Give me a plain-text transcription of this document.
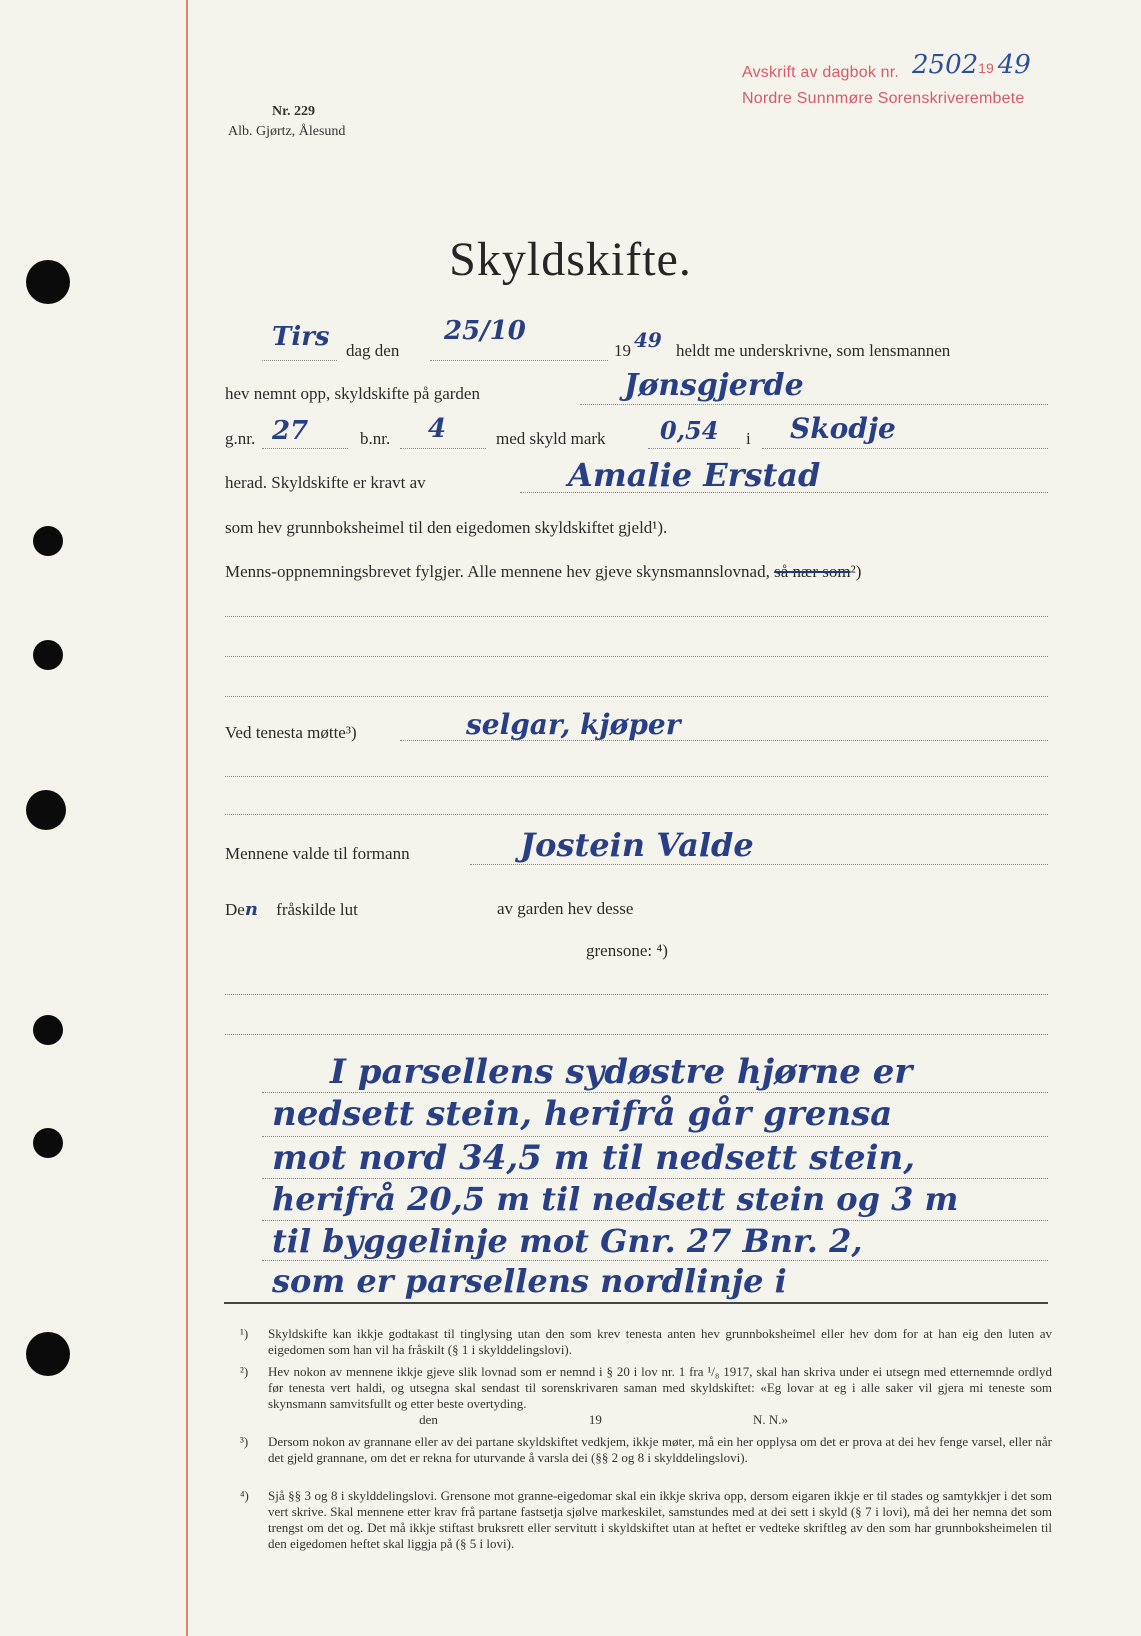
Avskrift av dagbok nr. 250219 49
Nordre Sunnmøre Sorenskriverembete
Nr. 229
Alb. Gjørtz, Ålesund
Skyldskifte.
Tirs dag den
25/10
19 49 heldt me underskrivne, som lensmannen
hev nemnt opp, skyldskifte på garden	Jønsgjerde
g.nr. 27	b.nr. 4	med skyld mark 0,54 i Skodje
herad. Skyldskifte er kravt av	Amalie Erstad
som hev grunnboksheimel til den eigedomen skyldskiftet gjeld¹).
Menns-oppnemningsbrevet fylgjer. Alle mennene hev gjeve skynsmannslovnad, så nær som²)
Ved tenesta møtte³)	selgar, kjøper
Mennene valde til formann	Jostein Valde
Den fråskilde lut	av garden hev desse
grensone: ⁴)
I parsellens sydøstre hjørne er
nedsett stein, herifrå går grensa
mot nord 34,5 m til nedsett stein,
herifrå 20,5 m til nedsett stein og 3 m
til byggelinje mot Gnr. 27 Bnr. 2,
som er parsellens nordlinje i
¹) Skyldskifte kan ikkje godtakast til tinglysing utan den som krev tenesta anten hev grunnboksheimel eller hev dom for at han eig den luten av eigedomen som han vil ha fråskilt (§ 1 i skylddelingslovi).
²) Hev nokon av mennene ikkje gjeve slik lovnad som er nemnd i § 20 i lov nr. 1 fra ¹/₈ 1917, skal han skriva under ei utsegn med etternemnde ordlyd før tenesta vert haldi, og utsegna skal sendast til sorenskrivaren saman med skyldskiftet: «Eg lovar at eg i alle saker vil gjera mi teneste som skynsmann samvitsfullt og etter beste overtyding.
den	19	N. N.»
³) Dersom nokon av grannane eller av dei partane skyldskiftet vedkjem, ikkje møter, må ein her opplysa om det er prova at dei hev fenge varsel, eller når det gjeld grannane, om det er rekna for uturvande å varsla dei (§§ 2 og 8 i skylddelingslovi).
⁴) Sjå §§ 3 og 8 i skylddelingslovi. Grensone mot granne-eigedomar skal ein ikkje skriva opp, dersom eigaren ikkje er til stades og samtykkjer i det som vert skrive. Skal mennene etter krav frå partane fastsetja sjølve markeskilet, samstundes med at dei sett i skyld (§ 7 i lovi), må dei her nemna det som trengst om det og. Det må ikkje stiftast bruksrett eller servitutt i skyldskiftet utan at heftet er vedteke skriftleg av den som har grunnboksheimelen til den eigedomen heftet skal liggja på (§ 5 i lovi).
